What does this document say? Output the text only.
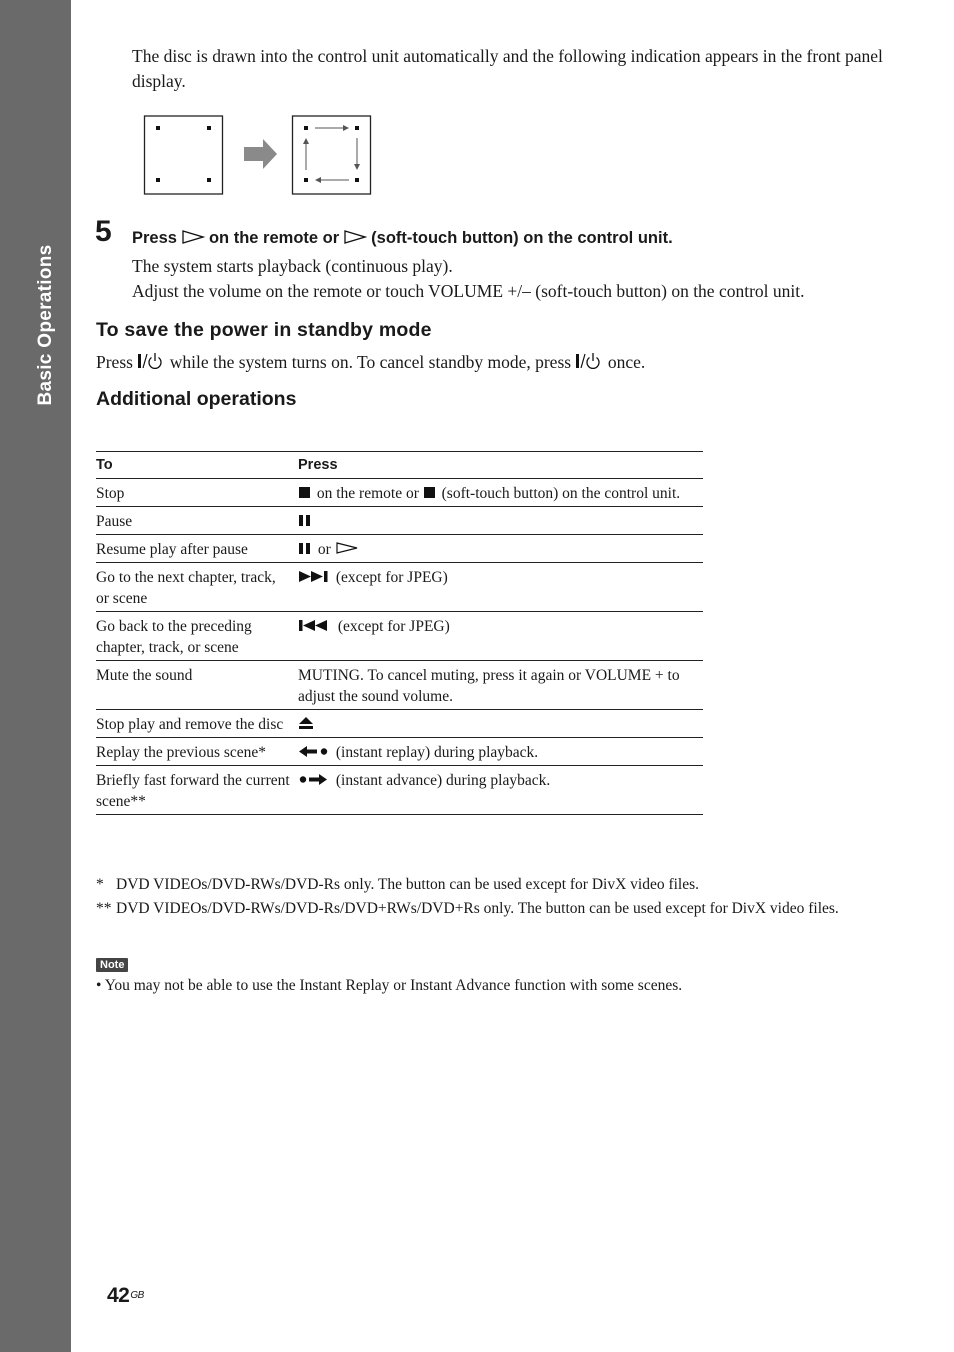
Basic Operations
The disc is drawn into the control unit automatically and the following indication appears in the front panel display.
5 Press on the remote or (soft-touch button) on the control unit.
The system starts playback (continuous play).
Adjust the volume on the remote or touch VOLUME +/– (soft-touch button) on the control unit.
To save the power in standby mode
Press while the system turns on. To cancel standby mode, press once.
Additional operations
To	Press
Stop	on the remote or (soft-touch button) on the control unit.
Pause	
Resume play after pause	or
Go to the next chapter, track, or scene	(except for JPEG)
Go back to the preceding chapter, track, or scene	(except for JPEG)
Mute the sound	MUTING. To cancel muting, press it again or VOLUME + to adjust the sound volume.
Stop play and remove the disc	
Replay the previous scene*	(instant replay) during playback.
Briefly fast forward the current scene**	(instant advance) during playback.
* DVD VIDEOs/DVD-RWs/DVD-Rs only. The button can be used except for DivX video files.
** DVD VIDEOs/DVD-RWs/DVD-Rs/DVD+RWs/DVD+Rs only. The button can be used except for DivX video files.
Note
• You may not be able to use the Instant Replay or Instant Advance function with some scenes.
$42^{GB}$
